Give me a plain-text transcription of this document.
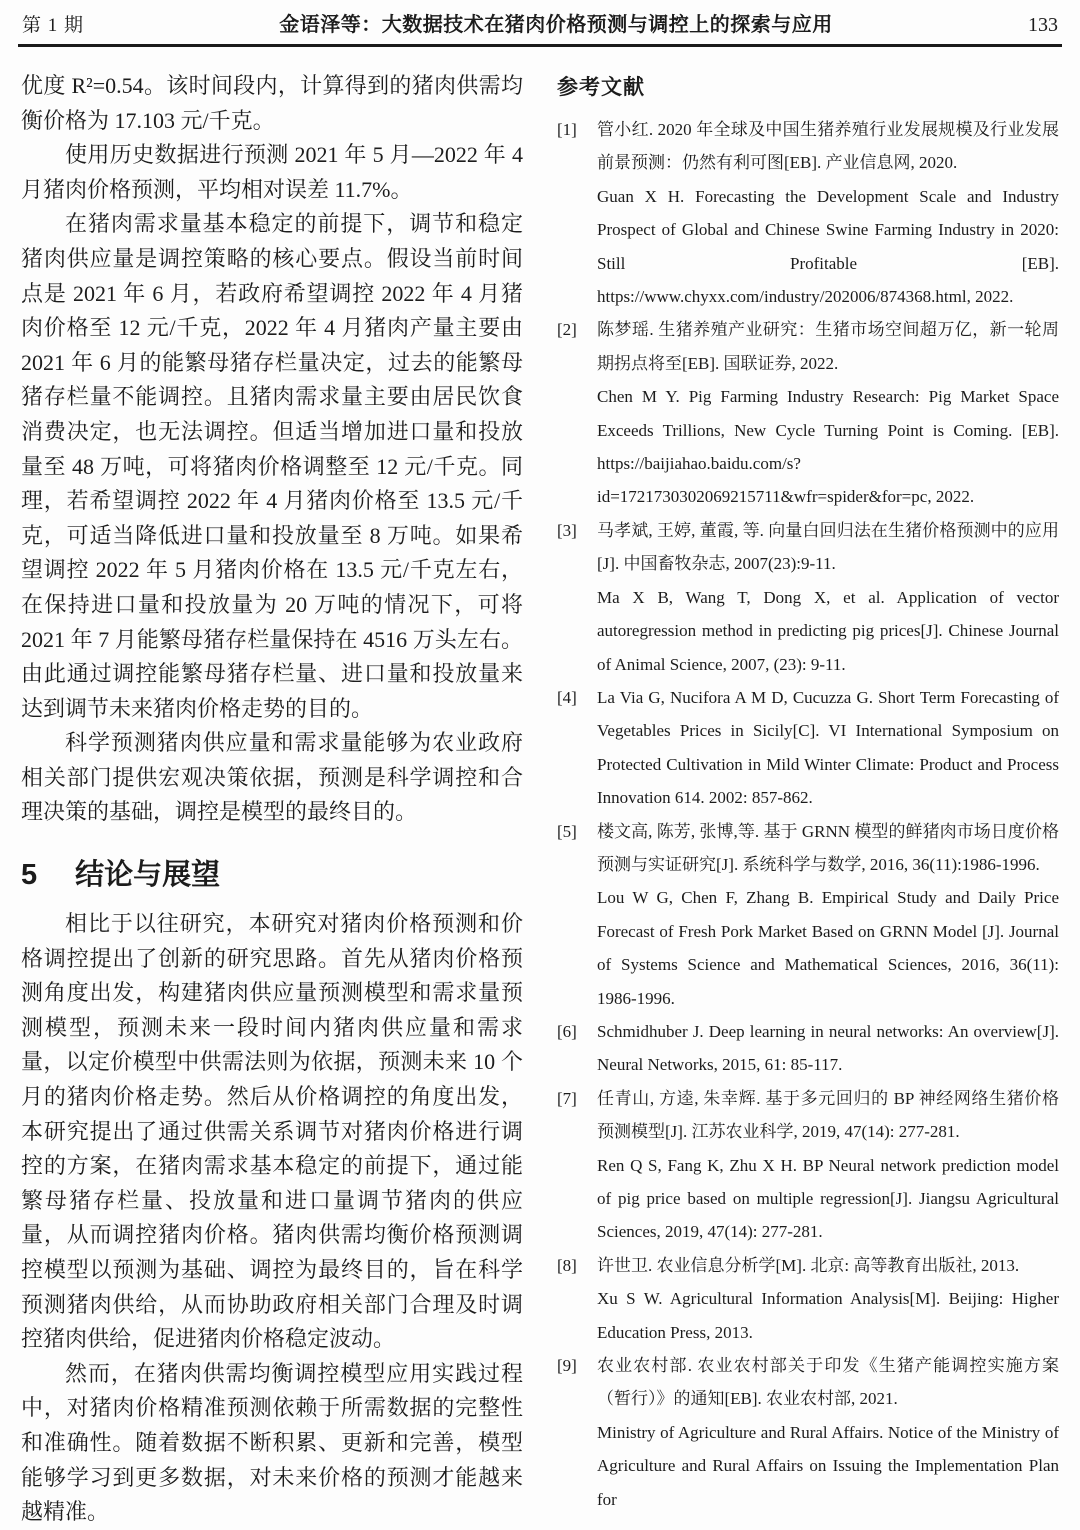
第 1 期	金语泽等：大数据技术在猪肉价格预测与调控上的探索与应用	133

优度 R²=0.54。该时间段内，计算得到的猪肉供需均衡价格为 17.103 元/千克。

使用历史数据进行预测 2021 年 5 月—2022 年 4 月猪肉价格预测，平均相对误差 11.7%。

在猪肉需求量基本稳定的前提下，调节和稳定猪肉供应量是调控策略的核心要点。假设当前时间点是 2021 年 6 月，若政府希望调控 2022 年 4 月猪肉价格至 12 元/千克，2022 年 4 月猪肉产量主要由 2021 年 6 月的能繁母猪存栏量决定，过去的能繁母猪存栏量不能调控。且猪肉需求量主要由居民饮食消费决定，也无法调控。但适当增加进口量和投放量至 48 万吨，可将猪肉价格调整至 12 元/千克。同理，若希望调控 2022 年 4 月猪肉价格至 13.5 元/千克，可适当降低进口量和投放量至 8 万吨。如果希望调控 2022 年 5 月猪肉价格在 13.5 元/千克左右，在保持进口量和投放量为 20 万吨的情况下，可将 2021 年 7 月能繁母猪存栏量保持在 4516 万头左右。由此通过调控能繁母猪存栏量、进口量和投放量来达到调节未来猪肉价格走势的目的。

科学预测猪肉供应量和需求量能够为农业政府相关部门提供宏观决策依据，预测是科学调控和合理决策的基础，调控是模型的最终目的。

5 结论与展望

相比于以往研究，本研究对猪肉价格预测和价格调控提出了创新的研究思路。首先从猪肉价格预测角度出发，构建猪肉供应量预测模型和需求量预测模型，预测未来一段时间内猪肉供应量和需求量，以定价模型中供需法则为依据，预测未来 10 个月的猪肉价格走势。然后从价格调控的角度出发，本研究提出了通过供需关系调节对猪肉价格进行调控的方案，在猪肉需求基本稳定的前提下，通过能繁母猪存栏量、投放量和进口量调节猪肉的供应量，从而调控猪肉价格。猪肉供需均衡价格预测调控模型以预测为基础、调控为最终目的，旨在科学预测猪肉供给，从而协助政府相关部门合理及时调控猪肉供给，促进猪肉价格稳定波动。

然而，在猪肉供需均衡调控模型应用实践过程中，对猪肉价格精准预测依赖于所需数据的完整性和准确性。随着数据不断积累、更新和完善，模型能够学习到更多数据，对未来价格的预测才能越来越精准。

参考文献
[1] 管小红. 2020 年全球及中国生猪养殖行业发展规模及行业发展前景预测：仍然有利可图[EB]. 产业信息网, 2020.
Guan X H. Forecasting the Development Scale and Industry Prospect of Global and Chinese Swine Farming Industry in 2020: Still Profitable [EB]. https://www.chyxx.com/industry/202006/874368.html, 2022.
[2] 陈梦瑶. 生猪养殖产业研究：生猪市场空间超万亿，新一轮周期拐点将至[EB]. 国联证券, 2022.
Chen M Y. Pig Farming Industry Research: Pig Market Space Exceeds Trillions, New Cycle Turning Point is Coming. [EB]. https://baijiahao.baidu.com/s?id=1721730302069215711&wfr=spider&for=pc, 2022.
[3] 马孝斌, 王婷, 董霞, 等. 向量白回归法在生猪价格预测中的应用[J]. 中国畜牧杂志, 2007(23):9-11.
Ma X B, Wang T, Dong X, et al. Application of vector autoregression method in predicting pig prices[J]. Chinese Journal of Animal Science, 2007, (23): 9-11.
[4] La Via G, Nucifora A M D, Cucuzza G. Short Term Forecasting of Vegetables Prices in Sicily[C]. VI International Symposium on Protected Cultivation in Mild Winter Climate: Product and Process Innovation 614. 2002: 857-862.
[5] 楼文高, 陈芳, 张博,等. 基于 GRNN 模型的鲜猪肉市场日度价格预测与实证研究[J]. 系统科学与数学, 2016, 36(11):1986-1996.
Lou W G, Chen F, Zhang B. Empirical Study and Daily Price Forecast of Fresh Pork Market Based on GRNN Model [J]. Journal of Systems Science and Mathematical Sciences, 2016, 36(11): 1986-1996.
[6] Schmidhuber J. Deep learning in neural networks: An overview[J]. Neural Networks, 2015, 61: 85-117.
[7] 任青山, 方逵, 朱幸辉. 基于多元回归的 BP 神经网络生猪价格预测模型[J]. 江苏农业科学, 2019, 47(14): 277-281.
Ren Q S, Fang K, Zhu X H. BP Neural network prediction model of pig price based on multiple regression[J]. Jiangsu Agricultural Sciences, 2019, 47(14): 277-281.
[8] 许世卫. 农业信息分析学[M]. 北京: 高等教育出版社, 2013.
Xu S W. Agricultural Information Analysis[M]. Beijing: Higher Education Press, 2013.
[9] 农业农村部. 农业农村部关于印发《生猪产能调控实施方案（暂行）》的通知[EB]. 农业农村部, 2021.
Ministry of Agriculture and Rural Affairs. Notice of the Ministry of Agriculture and Rural Affairs on Issuing the Implementation Plan for
